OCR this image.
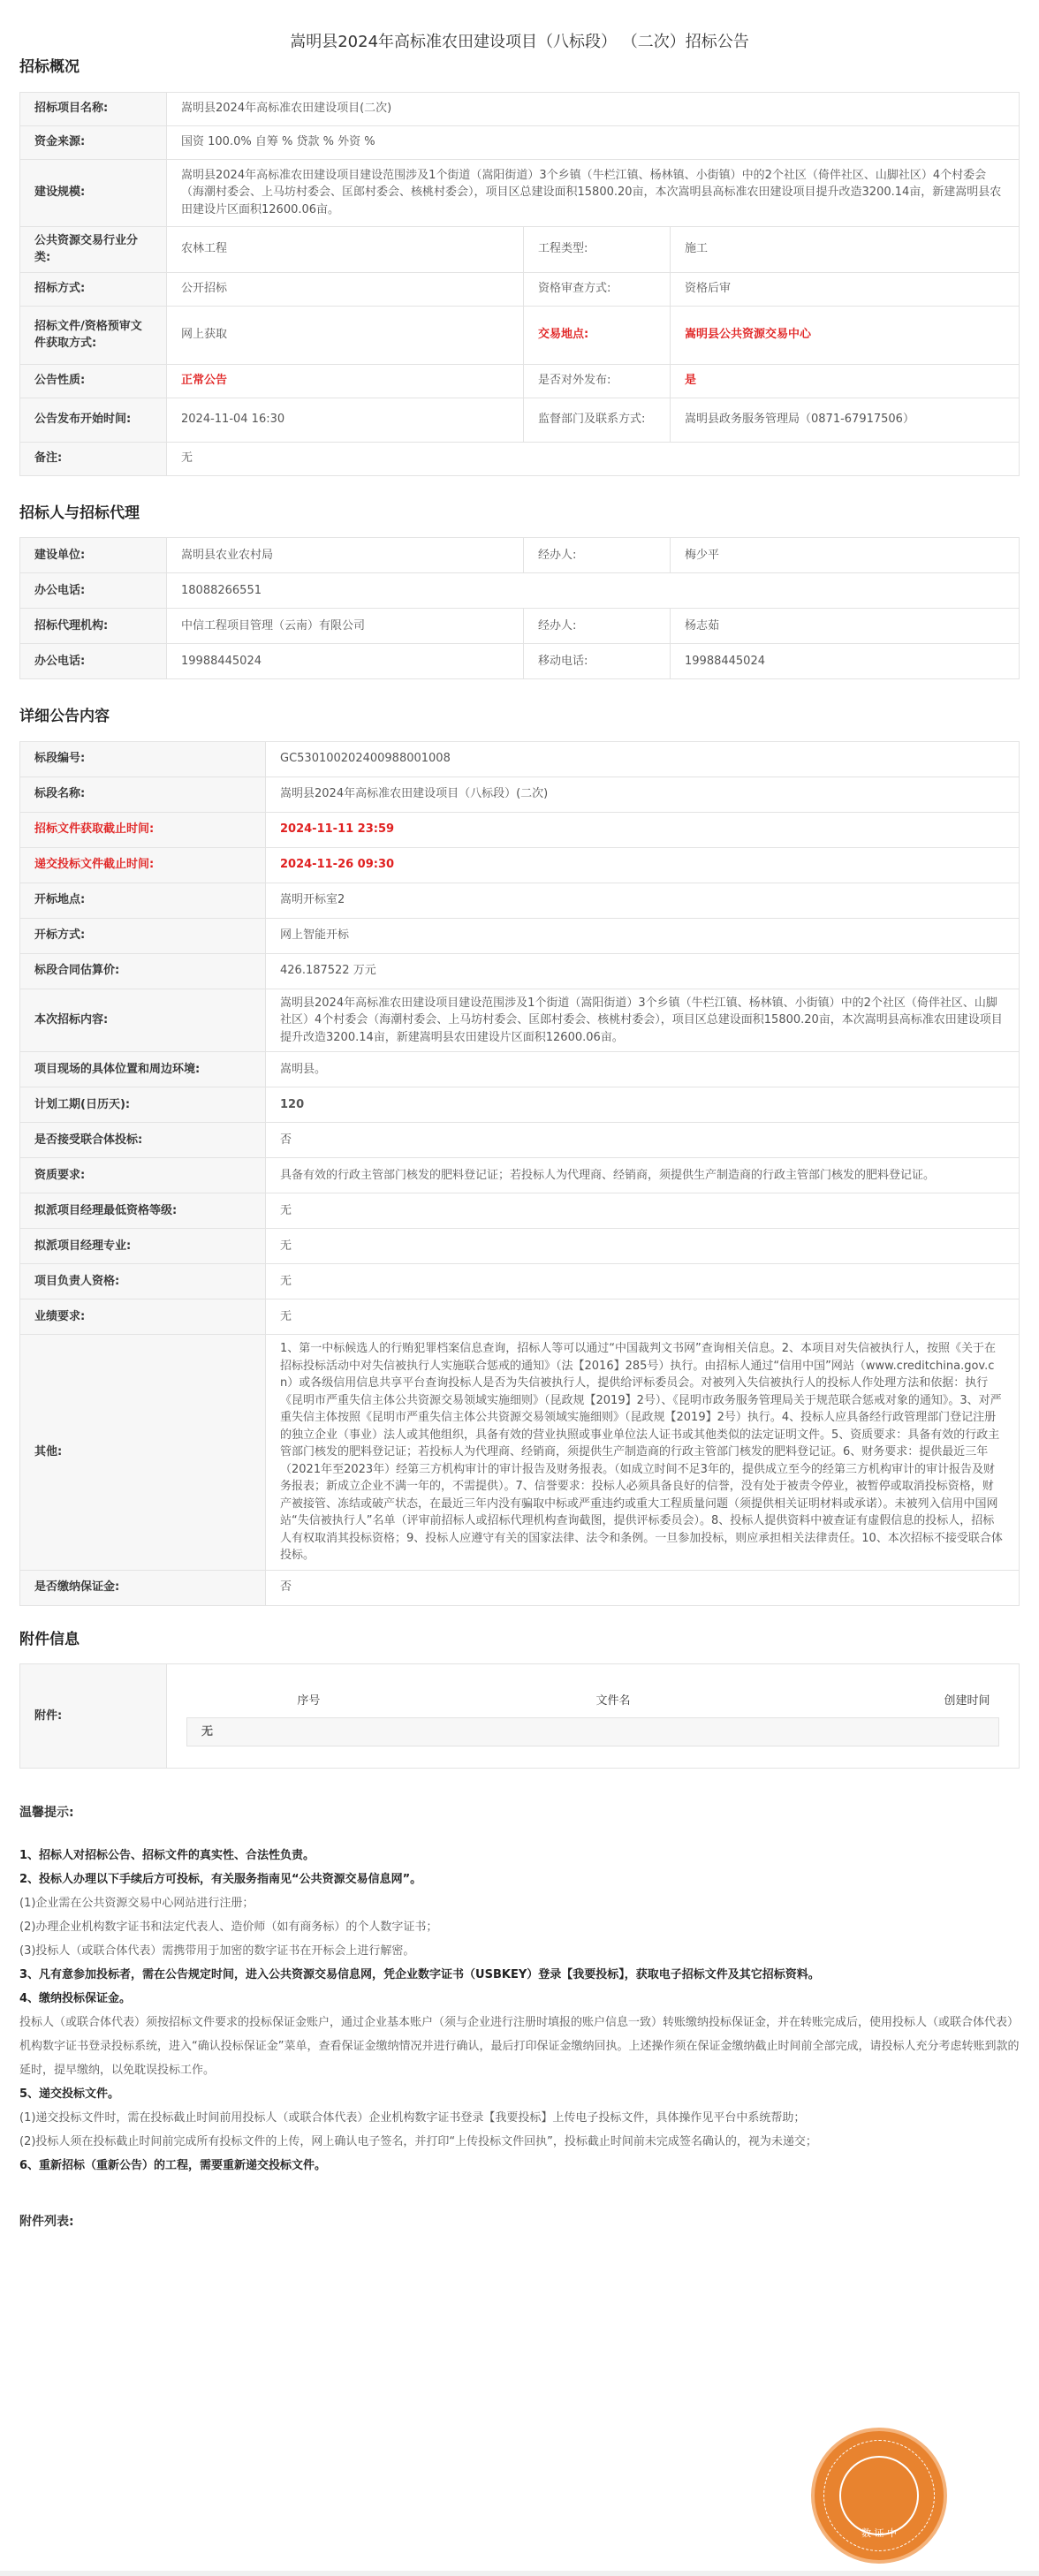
嵩明县2024年高标准农田建设项目（八标段） （二次）招标公告
招标概况
招标项目名称:	嵩明县2024年高标准农田建设项目(二次)		
资金来源:	国资 100.0% 自筹 % 贷款 % 外资 %		
建设规模:	嵩明县2024年高标准农田建设项目建设范围涉及1个街道（嵩阳街道）3个乡镇（牛栏江镇、杨林镇、小街镇）中的2个社区（倚伴社区、山脚社区）4个村委会（海潮村委会、上马坊村委会、匡郎村委会、核桃村委会），项目区总建设面积15800.20亩，本次嵩明县高标准农田建设项目提升改造3200.14亩，新建嵩明县农田建设片区面积12600.06亩。		
公共资源交易行业分类:	农林工程	工程类型:	施工
招标方式:	公开招标	资格审查方式:	资格后审
招标文件/资格预审文件获取方式:	网上获取	交易地点:	嵩明县公共资源交易中心
公告性质:	正常公告	是否对外发布:	是
公告发布开始时间:	2024-11-04 16:30	监督部门及联系方式:	嵩明县政务服务管理局（0871-67917506）
备注:	无		
招标人与招标代理
建设单位:	嵩明县农业农村局	经办人:	梅少平
办公电话:	18088266551		
招标代理机构:	中信工程项目管理（云南）有限公司	经办人:	杨志茹
办公电话:	19988445024	移动电话:	19988445024
详细公告内容
标段编号:	GC5301002024009880010​08
标段名称:	嵩明县2024年高标准农田建设项目（八标段）(二次)
招标文件获取截止时间:	2024-11-11 23:59
递交投标文件截止时间:	2024-11-26 09:30
开标地点:	嵩明开标室2
开标方式:	网上智能开标
标段合同估算价:	426.187522 万元
本次招标内容:	嵩明县2024年高标准农田建设项目建设范围涉及1个街道（嵩阳街道）3个乡镇（牛栏江镇、杨林镇、小街镇）中的2个社区（倚伴社区、山脚社区）4个村委会（海潮村委会、上马坊村委会、匡郎村委会、核桃村委会），项目区总建设面积15800.20亩，本次嵩明县高标准农田建设项目提升改造3200.14亩，新建嵩明县农田建设片区面积12600.06亩。
项目现场的具体位置和周边环境:	嵩明县。
计划工期(日历天):	120
是否接受联合体投标:	否
资质要求:	具备有效的行政主管部门核发的肥料登记证；若投标人为代理商、经销商，须提供生产制造商的行政主管部门核发的肥料登记证。
拟派项目经理最低资格等级:	无
拟派项目经理专业:	无
项目负责人资格:	无
业绩要求:	无
其他:	1、第一中标候选人的行贿犯罪档案信息查询，招标人等可以通过“中国裁判文书网”查询相关信息。2、本项目对失信被执行人，按照《关于在招标投标活动中对失信被执行人实施联合惩戒的通知》（法【2016】285号）执行。由招标人通过“信用中国”网站（www.creditchina.gov.cn）或各级信用信息共享平台查询投标人是否为失信被执行人，提供给评标委员会。对被列入失信被执行人的投标人作处理方法和依据：执行《昆明市严重失信主体公共资源交易领域实施细则》（昆政规【2019】2号）、《昆明市政务服务管理局关于规范联合惩戒对象的通知》。3、对严重失信主体按照《昆明市严重失信主体公共资源交易领域实施细则》（昆政规【2019】2号）执行。4、投标人应具备经行政管理部门登记注册的独立企业（事业）法人或其他组织，具备有效的营业执照或事业单位法人证书或其他类似的法定证明文件。5、资质要求：具备有效的行政主管部门核发的肥料登记证；若投标人为代理商、经销商，须提供生产制造商的行政主管部门核发的肥料登记证。6、财务要求：提供最近三年（2021年至2023年）经第三方机构审计的审计报告及财务报表。（如成立时间不足3年的，提供成立至今的经第三方机构审计的审计报告及财务报表；新成立企业不满一年的，不需提供）。7、信誉要求：投标人必须具备良好的信誉，没有处于被责令停业，被暂停或取消投标资格，财产被接管、冻结或破产状态，在最近三年内没有骗取中标或严重违约或重大工程质量问题（须提供相关证明材料或承诺）。未被列入信用中国网站“失信被执行人”名单（评审前招标人或招标代理机构查询截图，提供评标委员会）。8、投标人提供资料中被查证有虚假信息的投标人，招标人有权取消其投标资格；9、投标人应遵守有关的国家法律、法令和条例。一旦参加投标，则应承担相关法律责任。10、本次招标不接受联合体投标。
是否缴纳保证金:	否
附件信息
附件:	
序号	文件名	创建时间
无
温馨提示:

1、招标人对招标公告、招标文件的真实性、合法性负责。

2、投标人办理以下手续后方可投标，有关服务指南见“公共资源交易信息网”。

(1)企业需在公共资源交易中心网站进行注册；

(2)办理企业机构数字证书和法定代表人、造价师（如有商务标）的个人数字证书；

(3)投标人（或联合体代表）需携带用于加密的数字证书在开标会上进行解密。

3、凡有意参加投标者，需在公告规定时间，进入公共资源交易信息网，凭企业数字证书（USBKEY）登录【我要投标】，获取电子招标文件及其它招标资料。

4、缴纳投标保证金。

投标人（或联合体代表）须按招标文件要求的投标保证金账户，通过企业基本账户（须与企业进行注册时填报的账户信息一致）转账缴纳投标保证金，并在转账完成后，使用投标人（或联合体代表）机构数字证书登录投标系统，进入“确认投标保证金”菜单，查看保证金缴纳情况并进行确认，最后打印保证金缴纳回执。上述操作须在保证金缴纳截止时间前全部完成，请投标人充分考虑转账到款的延时，提早缴纳，以免耽误投标工作。

5、递交投标文件。

(1)递交投标文件时，需在投标截止时间前用投标人（或联合体代表）企业机构数字证书登录【我要投标】上传电子投标文件，具体操作见平台中系统帮助；

(2)投标人须在投标截止时间前完成所有投标文件的上传，网上确认电子签名，并打印“上传投标文件回执”，投标截止时间前未完成签名确认的，视为未递交；

6、重新招标（重新公告）的工程，需要重新递交投标文件。

附件列表:
数 证 中
